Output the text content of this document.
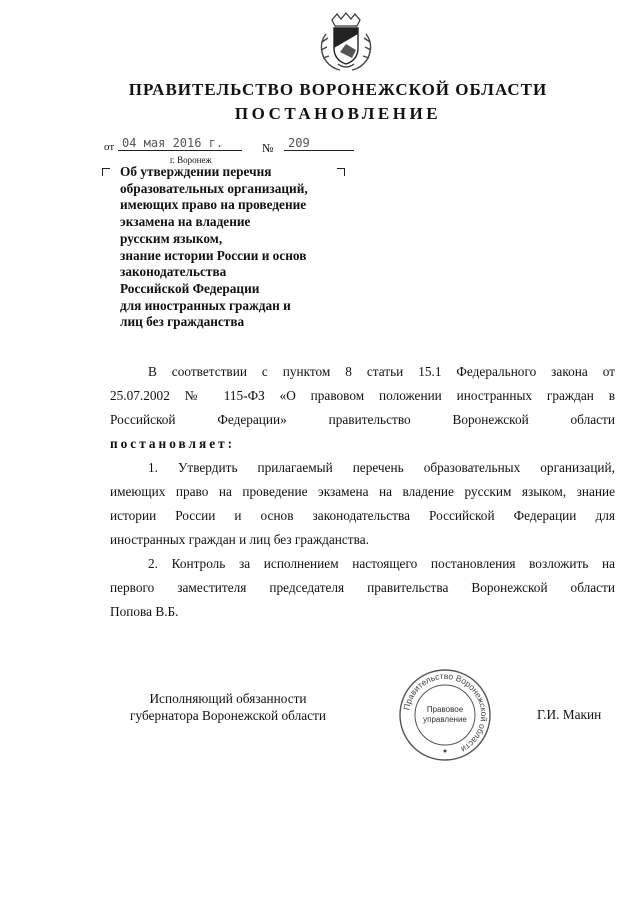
ПРАВИТЕЛЬСТВО ВОРОНЕЖСКОЙ ОБЛАСТИ
ПОСТАНОВЛЕНИЕ
от 04 мая 2016 г.	№	209
г. Воронеж
Об утверждении перечня
образовательных организаций,
имеющих право на проведение
экзамена на владение
русским языком,
знание истории России и основ
законодательства
Российской Федерации
для иностранных граждан и
лиц без гражданства
В соответствии с пунктом 8 статьи 15.1 Федерального закона от
25.07.2002 № 115-ФЗ «О правовом положении иностранных граждан в
Российской Федерации» правительство Воронежской области
постановляет:
1. Утвердить прилагаемый перечень образовательных организаций,
имеющих право на проведение экзамена на владение русским языком, знание
истории России и основ законодательства Российской Федерации для
иностранных граждан и лиц без гражданства.
2. Контроль за исполнением настоящего постановления возложить на
первого заместителя председателя правительства Воронежской области
Попова В.Б.
Исполняющий обязанности
губернатора Воронежской области
Правительство Воронежской области
Правовое
управление	Г.И. Макин
